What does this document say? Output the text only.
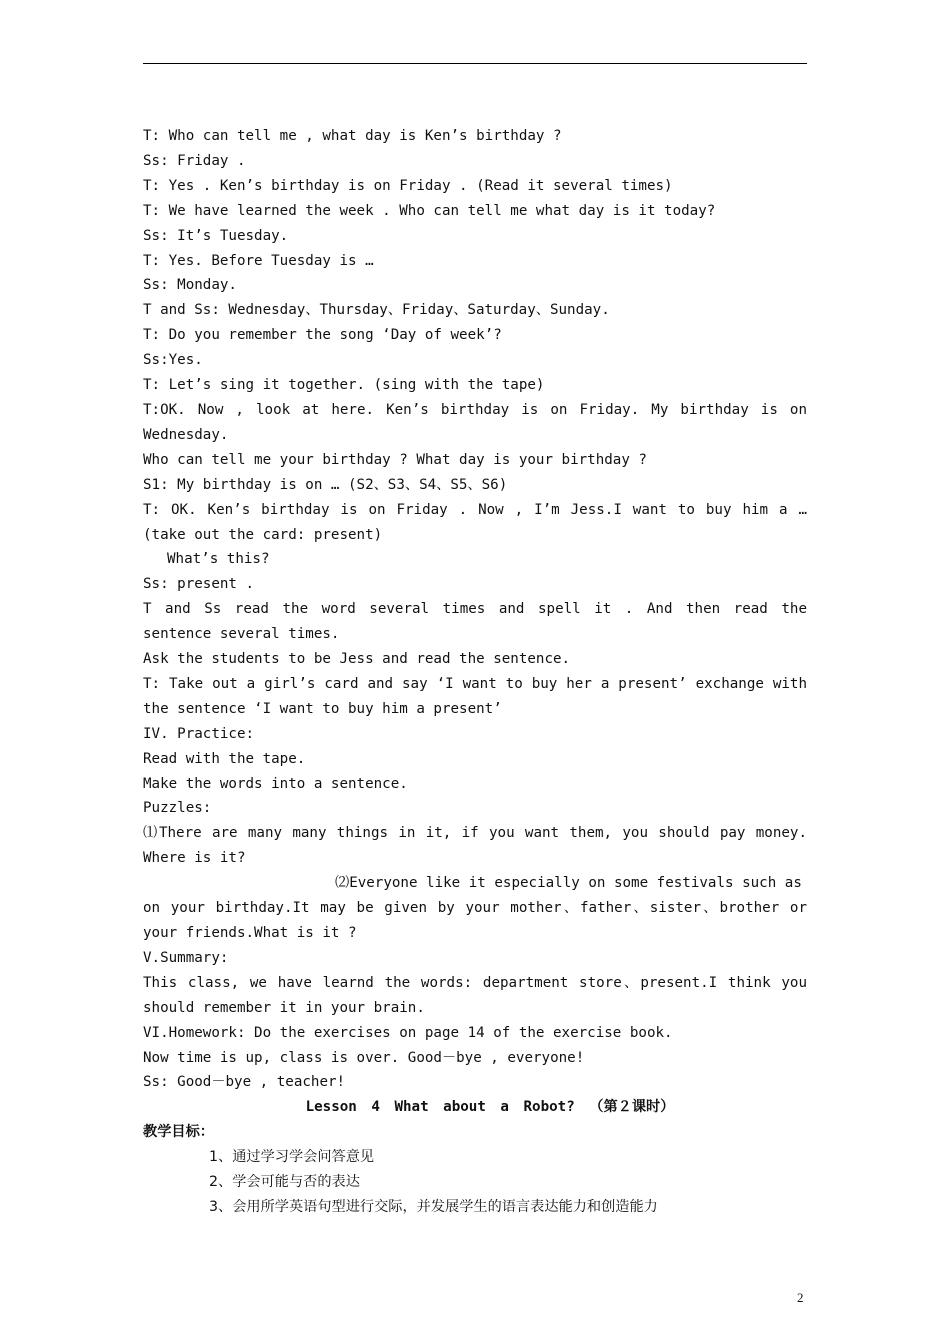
T: Who can tell me , what day is Ken’s birthday ?

Ss: Friday .

T: Yes . Ken’s birthday is on Friday . (Read it several times)

T: We have learned the week . Who can tell me what day is it today?

Ss: It’s Tuesday.

T: Yes. Before Tuesday is …

Ss: Monday.

T and Ss: Wednesday、Thursday、Friday、Saturday、Sunday.

T: Do you remember the song ‘Day of week’?

Ss:Yes.

T: Let’s sing it together. (sing with the tape)

T:OK. Now , look at here. Ken’s birthday is on Friday. My birthday is on Wednesday.

Who can tell me your birthday ? What day is your birthday ?

S1: My birthday is on … (S2、S3、S4、S5、S6)

T: OK. Ken’s birthday is on Friday . Now , I’m Jess.I want to buy him a … (take out the card: present)

What’s this?

Ss: present .

T and Ss read the word several times and spell it . And then read the sentence several times.

Ask the students to be Jess and read the sentence.

T: Take out a girl’s card and say ‘I want to buy her a present’ exchange with the sentence ‘I want to buy him a present’

IV. Practice:

Read with the tape.

Make the words into a sentence.

Puzzles:

⑴There are many many things in it, if you want them, you should pay money. Where is it?

⑵Everyone like it especially on some festivals such as

on your birthday.It may be given by your mother、father、sister、brother or your friends.What is it ?

V.Summary:

This class, we have learnd the words: department store、present.I think you should remember it in your brain.

VI.Homework: Do the exercises on page 14 of the exercise book.

Now time is up, class is over. Good－bye , everyone!

Ss: Good－bye , teacher!

Lesson 4 What about a Robot? （第２课时）

教学目标：

1、通过学习学会问答意见

2、学会可能与否的表达

3、会用所学英语句型进行交际，并发展学生的语言表达能力和创造能力

2
